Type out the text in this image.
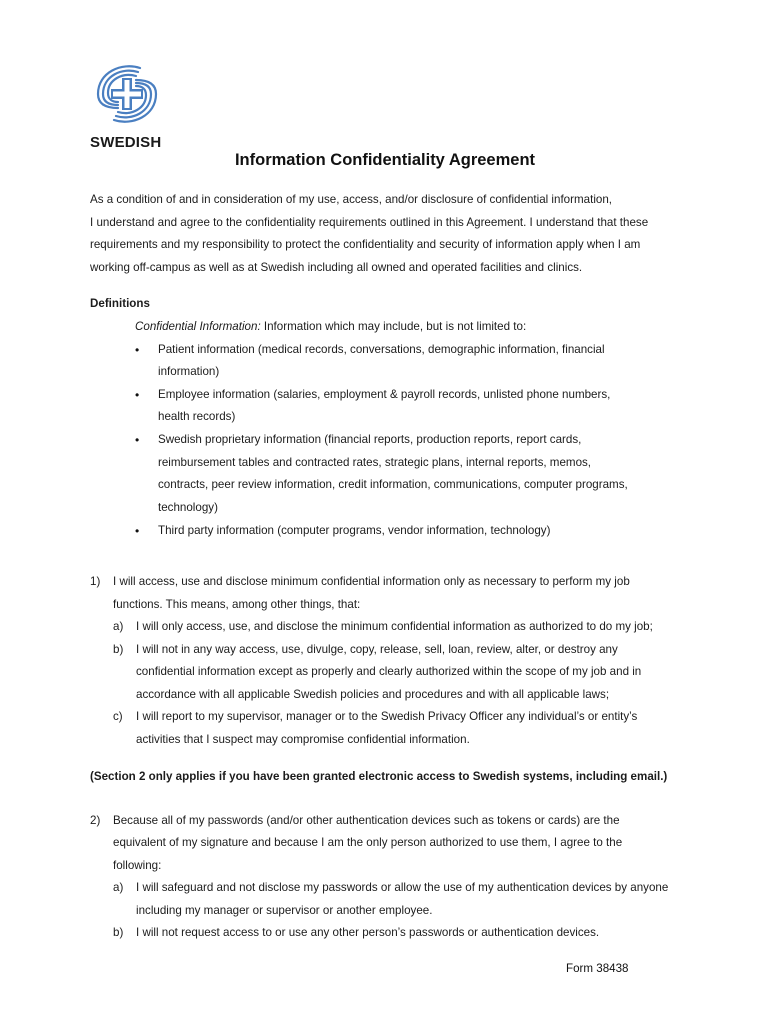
SWEDISH
Information Confidentiality Agreement
As a condition of and in consideration of my use, access, and/or disclosure of confidential information,
I understand and agree to the confidentiality requirements outlined in this Agreement. I understand that these
requirements and my responsibility to protect the confidentiality and security of information apply when I am
working off-campus as well as at Swedish including all owned and operated facilities and clinics.
Definitions
Confidential Information: Information which may include, but is not limited to:
• Patient information (medical records, conversations, demographic information, financial
information)
• Employee information (salaries, employment & payroll records, unlisted phone numbers,
health records)
• Swedish proprietary information (financial reports, production reports, report cards,
reimbursement tables and contracted rates, strategic plans, internal reports, memos,
contracts, peer review information, credit information, communications, computer programs,
technology)
• Third party information (computer programs, vendor information, technology)
1) I will access, use and disclose minimum confidential information only as necessary to perform my job
functions. This means, among other things, that:
a) I will only access, use, and disclose the minimum confidential information as authorized to do my job;
b) I will not in any way access, use, divulge, copy, release, sell, loan, review, alter, or destroy any
confidential information except as properly and clearly authorized within the scope of my job and in
accordance with all applicable Swedish policies and procedures and with all applicable laws;
c) I will report to my supervisor, manager or to the Swedish Privacy Officer any individual’s or entity’s
activities that I suspect may compromise confidential information.
(Section 2 only applies if you have been granted electronic access to Swedish systems, including email.)
2) Because all of my passwords (and/or other authentication devices such as tokens or cards) are the
equivalent of my signature and because I am the only person authorized to use them, I agree to the
following:
a) I will safeguard and not disclose my passwords or allow the use of my authentication devices by anyone
including my manager or supervisor or another employee.
b) I will not request access to or use any other person’s passwords or authentication devices.
Form 38438
